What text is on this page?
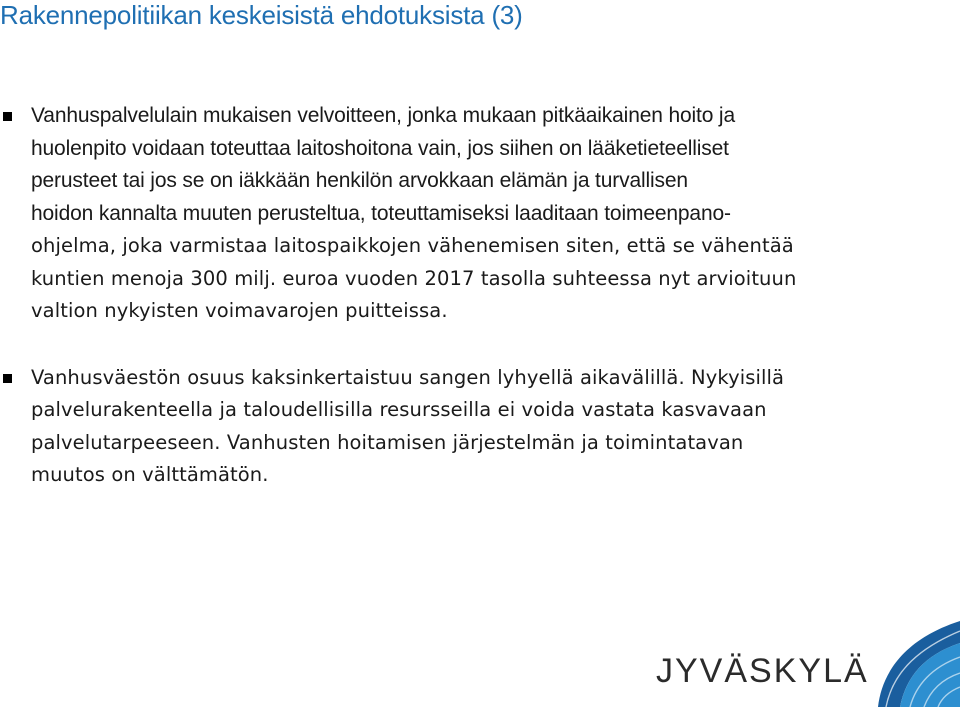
Rakennepolitiikan keskeisistä ehdotuksista (3)
Vanhuspalvelulain mukaisen velvoitteen, jonka mukaan pitkäaikainen hoito ja
huolenpito voidaan toteuttaa laitoshoitona vain, jos siihen on lääketieteelliset
perusteet tai jos se on iäkkään henkilön arvokkaan elämän ja turvallisen
hoidon kannalta muuten perusteltua, toteuttamiseksi laaditaan toimeenpano-
ohjelma, joka varmistaa laitospaikkojen vähenemisen siten, että se vähentää
kuntien menoja 300 milj. euroa vuoden 2017 tasolla suhteessa nyt arvioituun
valtion nykyisten voimavarojen puitteissa.
Vanhusväestön osuus kaksinkertaistuu sangen lyhyellä aikavälillä. Nykyisillä
palvelurakenteella ja taloudellisilla resursseilla ei voida vastata kasvavaan
palvelutarpeeseen. Vanhusten hoitamisen järjestelmän ja toimintatavan
muutos on välttämätön.
JYVÄSKYLÄ
